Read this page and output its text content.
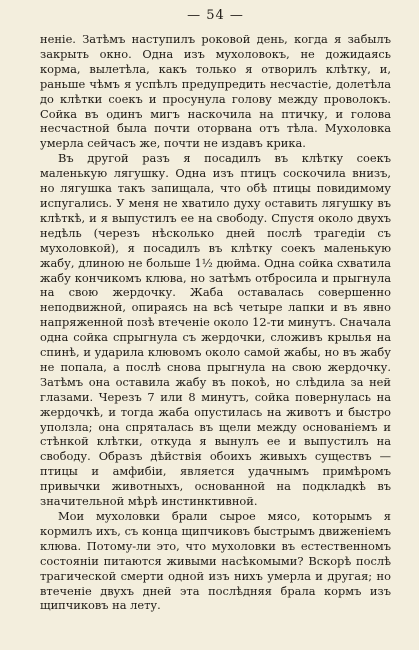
— 54 —

неніе. Затѣмъ наступилъ роковой день, когда я забылъ закрыть окно. Одна изъ мухоловокъ, не дожидаясь корма, вылетѣла, какъ только я отворилъ клѣтку, и, раньше чѣмъ я успѣлъ предупредить несчастіе, долетѣла до клѣтки соекъ и просунула голову между проволокъ. Сойка въ одинъ мигъ наскочила на птичку, и голова несчастной была почти оторвана отъ тѣла. Мухоловка умерла сейчасъ же, почти не издавъ крика.

Въ другой разъ я посадилъ въ клѣтку соекъ маленькую лягушку. Одна изъ птицъ соскочила внизъ, но лягушка такъ запищала, что обѣ птицы повидимому испугались. У меня не хватило духу оставить лягушку въ клѣткѣ, и я выпустилъ ее на свободу. Спустя около двухъ недѣль (черезъ нѣсколько дней послѣ трагедіи съ мухоловкой), я посадилъ въ клѣтку соекъ маленькую жабу, длиною не больше 1½ дюйма. Одна сойка схватила жабу кончикомъ клюва, но затѣмъ отбросила и прыгнула на свою жердочку. Жаба оставалась совершенно неподвижной, опираясь на всѣ четыре лапки и въ явно напряженной позѣ втеченіе около 12-ти минутъ. Сначала одна сойка спрыгнула съ жердочки, сложивъ крылья на спинѣ, и ударила клювомъ около самой жабы, но въ жабу не попала, а послѣ снова прыгнула на свою жердочку. Затѣмъ она оставила жабу въ покоѣ, но слѣдила за ней глазами. Черезъ 7 или 8 минутъ, сойка повернулась на жердочкѣ, и тогда жаба опустилась на животъ и быстро уползла; она спряталась въ щели между основаніемъ и стѣнкой клѣтки, откуда я вынулъ ее и выпустилъ на свободу. Образъ дѣйствія обоихъ живыхъ существъ — птицы и амфибіи, является удачнымъ примѣромъ привычки животныхъ, основанной на подкладкѣ въ значительной мѣрѣ инстинктивной.

Мои мухоловки брали сырое мясо, которымъ я кормилъ ихъ, съ конца щипчиковъ быстрымъ движеніемъ клюва. Потому-ли это, что мухоловки въ естественномъ состояніи питаются живыми насѣкомыми? Вскорѣ послѣ трагической смерти одной изъ нихъ умерла и другая; но втеченіе двухъ дней эта послѣдняя брала кормъ изъ щипчиковъ на лету.
